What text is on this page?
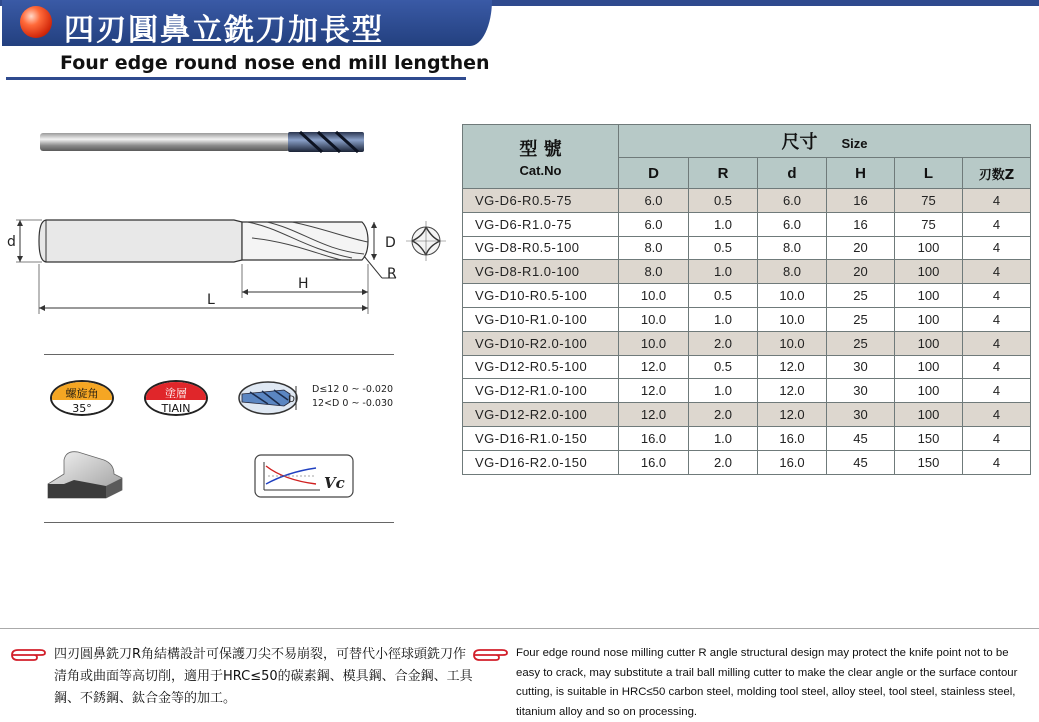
四刃圓鼻立銑刀加長型
Four edge round nose end mill lengthen
d	D
R
H
L
螺旋角
35°
塗層
TIAIN
D
D≤12 0 ~ -0.020
12<D 0 ~ -0.030
Vc
型 號
Cat.No	尺寸 Size					
	D	R	d	H	L	刃数Z
VG-D6-R0.5-75	6.0	0.5	6.0	16	75	4
VG-D6-R1.0-75	6.0	1.0	6.0	16	75	4
VG-D8-R0.5-100	8.0	0.5	8.0	20	100	4
VG-D8-R1.0-100	8.0	1.0	8.0	20	100	4
VG-D10-R0.5-100	10.0	0.5	10.0	25	100	4
VG-D10-R1.0-100	10.0	1.0	10.0	25	100	4
VG-D10-R2.0-100	10.0	2.0	10.0	25	100	4
VG-D12-R0.5-100	12.0	0.5	12.0	30	100	4
VG-D12-R1.0-100	12.0	1.0	12.0	30	100	4
VG-D12-R2.0-100	12.0	2.0	12.0	30	100	4
VG-D16-R1.0-150	16.0	1.0	16.0	45	150	4
VG-D16-R2.0-150	16.0	2.0	16.0	45	150	4
四刃圓鼻銑刀R角結構設計可保護刀尖不易崩裂，可替代小徑球頭銑刀作清角或曲面等高切削，適用于HRC≤50的碳素鋼、模具鋼、合金鋼、工具鋼、不銹鋼、鈦合金等的加工。
Four edge round nose milling cutter R angle structural design may protect the knife point not to be easy to crack, may substitute a trail ball milling cutter to make the clear angle or the surface contour cutting, is suitable in HRC≤50 carbon steel, molding tool steel, alloy steel, tool steel, stainless steel, titanium alloy and so on processing.
